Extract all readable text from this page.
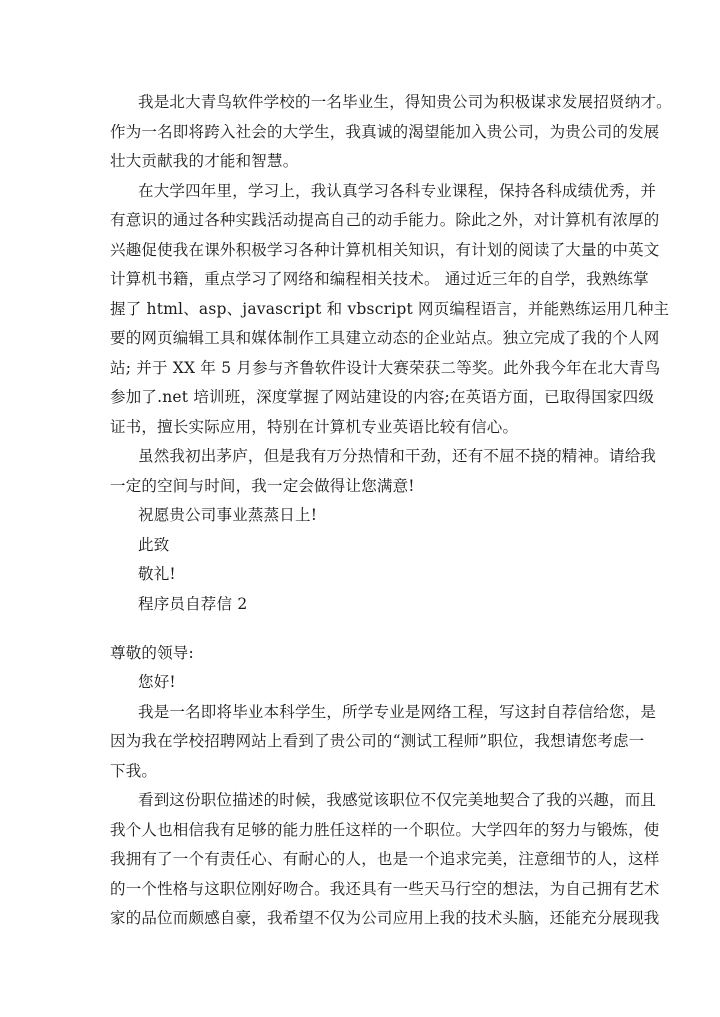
我是北大青鸟软件学校的一名毕业生，得知贵公司为积极谋求发展招贤纳才。
作为一名即将跨入社会的大学生，我真诚的渴望能加入贵公司，为贵公司的发展
壮大贡献我的才能和智慧。
在大学四年里，学习上，我认真学习各科专业课程，保持各科成绩优秀，并
有意识的通过各种实践活动提高自己的动手能力。除此之外，对计算机有浓厚的
兴趣促使我在课外积极学习各种计算机相关知识，有计划的阅读了大量的中英文
计算机书籍，重点学习了网络和编程相关技术。 通过近三年的自学，我熟练掌
握了 html、asp、javascript 和 vbscript 网页编程语言，并能熟练运用几种主
要的网页编辑工具和媒体制作工具建立动态的企业站点。独立完成了我的个人网
站; 并于 XX 年 5 月参与齐鲁软件设计大赛荣获二等奖。此外我今年在北大青鸟
参加了.net 培训班，深度掌握了网站建设的内容;在英语方面，已取得国家四级
证书，擅长实际应用，特别在计算机专业英语比较有信心。
虽然我初出茅庐，但是我有万分热情和干劲，还有不屈不挠的精神。请给我
一定的空间与时间，我一定会做得让您满意!
祝愿贵公司事业蒸蒸日上!
此致
敬礼!
程序员自荐信 2
尊敬的领导:
您好!
我是一名即将毕业本科学生，所学专业是网络工程，写这封自荐信给您，是
因为我在学校招聘网站上看到了贵公司的“测试工程师”职位，我想请您考虑一
下我。
看到这份职位描述的时候，我感觉该职位不仅完美地契合了我的兴趣，而且
我个人也相信我有足够的能力胜任这样的一个职位。大学四年的努力与锻炼，使
我拥有了一个有责任心、有耐心的人，也是一个追求完美，注意细节的人，这样
的一个性格与这职位刚好吻合。我还具有一些天马行空的想法，为自己拥有艺术
家的品位而颇感自豪，我希望不仅为公司应用上我的技术头脑，还能充分展现我
